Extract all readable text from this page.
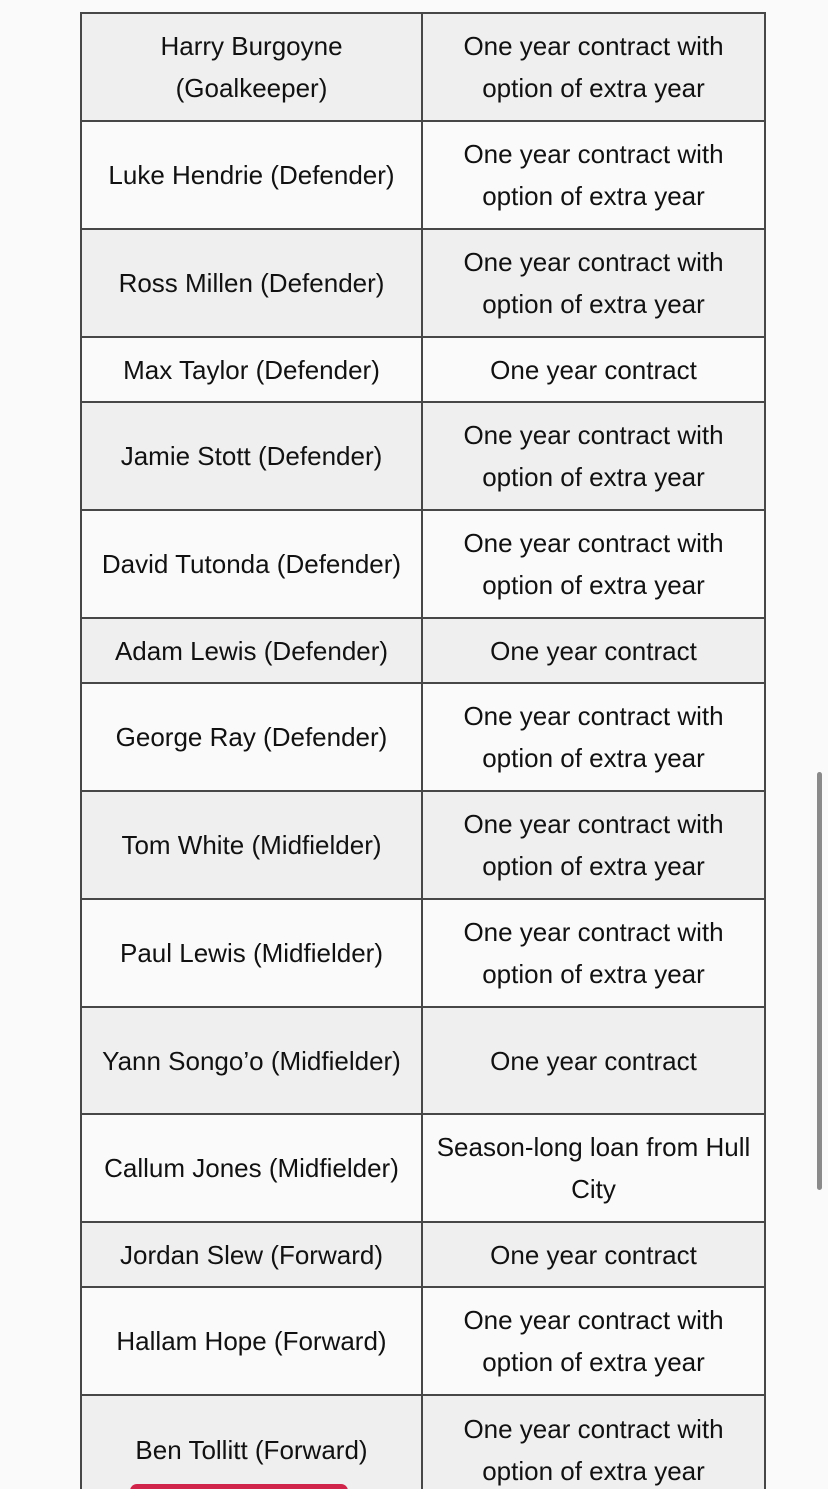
Harry Burgoyne (Goalkeeper)	One year contract with option of extra year
Luke Hendrie (Defender)	One year contract with option of extra year
Ross Millen (Defender)	One year contract with option of extra year
Max Taylor (Defender)	One year contract
Jamie Stott (Defender)	One year contract with option of extra year
David Tutonda (Defender)	One year contract with option of extra year
Adam Lewis (Defender)	One year contract
George Ray (Defender)	One year contract with option of extra year
Tom White (Midfielder)	One year contract with option of extra year
Paul Lewis (Midfielder)	One year contract with option of extra year
Yann Songo’o (Midfielder)	One year contract
Callum Jones (Midfielder)	Season-long loan from Hull City
Jordan Slew (Forward)	One year contract
Hallam Hope (Forward)	One year contract with option of extra year
Ben Tollitt (Forward)	One year contract with option of extra year
